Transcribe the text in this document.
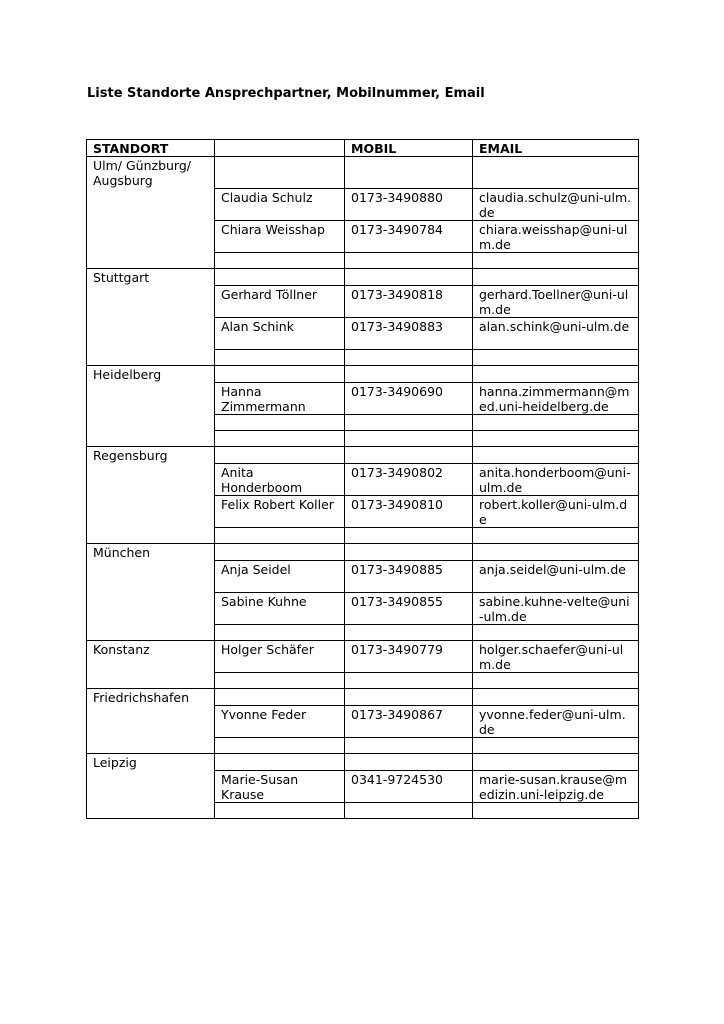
Liste Standorte Ansprechpartner, Mobilnummer, Email
STANDORT		MOBIL	EMAIL
Ulm/ Günzburg/ Augsburg			
	Claudia Schulz	0173-3490880	claudia.schulz@uni-ulm.de
	Chiara Weisshap	0173-3490784	chiara.weisshap@uni-ulm.de

Stuttgart			
	Gerhard Töllner	0173-3490818	gerhard.Toellner@uni-ulm.de
	Alan Schink	0173-3490883	alan.schink@uni-ulm.de

Heidelberg			
	Hanna Zimmermann	0173-3490690	hanna.zimmermann@med.uni-heidelberg.de

Regensburg			
	Anita Honderboom	0173-3490802	anita.honderboom@uni-ulm.de
	Felix Robert Koller	0173-3490810	robert.koller@uni-ulm.de

München			
	Anja Seidel	0173-3490885	anja.seidel@uni-ulm.de
	Sabine Kuhne	0173-3490855	sabine.kuhne-velte@uni-ulm.de

Konstanz	Holger Schäfer	0173-3490779	holger.schaefer@uni-ulm.de

Friedrichshafen			
	Yvonne Feder	0173-3490867	yvonne.feder@uni-ulm.de

Leipzig			
	Marie-Susan Krause	0341-9724530	marie-susan.krause@medizin.uni-leipzig.de
